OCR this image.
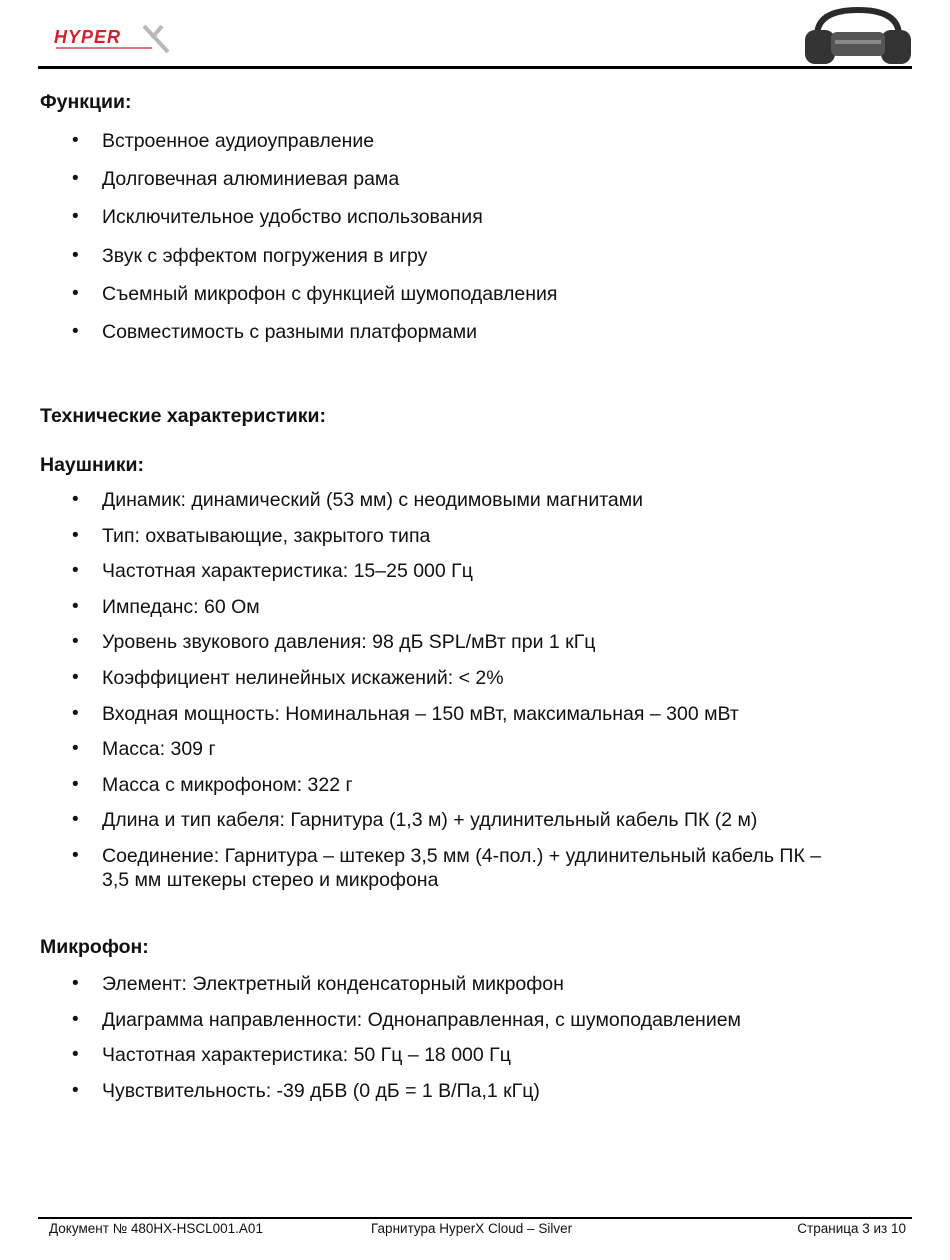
HYPER
Функции:
• Встроенное аудиоуправление
• Долговечная алюминиевая рама
• Исключительное удобство использования
• Звук с эффектом погружения в игру
• Съемный микрофон с функцией шумоподавления
• Совместимость с разными платформами
Технические характеристики:
Наушники:
• Динамик: динамический (53 мм) с неодимовыми магнитами
• Тип: охватывающие, закрытого типа
• Частотная характеристика: 15–25 000 Гц
• Импеданс: 60 Ом
• Уровень звукового давления: 98 дБ SPL/мВт при 1 кГц
• Коэффициент нелинейных искажений: < 2%
• Входная мощность: Номинальная – 150 мВт, максимальная – 300 мВт
• Масса: 309 г
• Масса с микрофоном: 322 г
• Длина и тип кабеля: Гарнитура (1,3 м) + удлинительный кабель ПК (2 м)
• Соединение: Гарнитура – штекер 3,5 мм (4-пол.) + удлинительный кабель ПК – 3,5 мм штекеры стерео и микрофона
Микрофон:
• Элемент: Электретный конденсаторный микрофон
• Диаграмма направленности: Однонаправленная, с шумоподавлением
• Частотная характеристика: 50 Гц – 18 000 Гц
• Чувствительность: -39 дБВ (0 дБ = 1 В/Па,1 кГц)
Документ № 480HX-HSCL001.A01	Гарнитура HyperX Cloud – Silver	Страница 3 из 10
